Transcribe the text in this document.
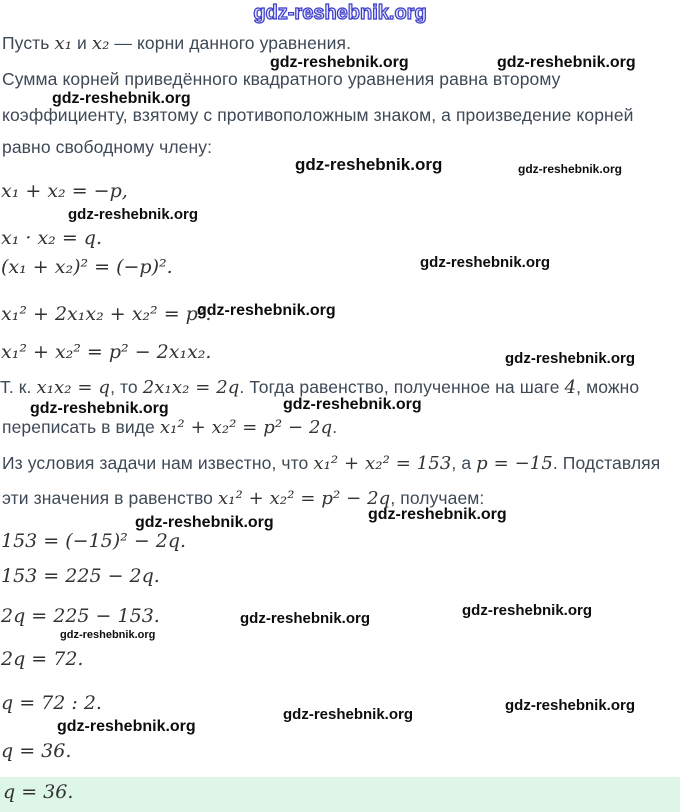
gdz-reshebnik.org
Пусть x₁ и x₂ — корни данного уравнения.
gdz-reshebnik.org	gdz-reshebnik.org
Сумма корней приведённого квадратного уравнения равна второму
gdz-reshebnik.org
коэффициенту, взятому с противоположным знаком, а произведение корней
равно свободному члену:
gdz-reshebnik.org	gdz-reshebnik.org
x₁ + x₂ = −p,
gdz-reshebnik.org
x₁ · x₂ = q.
(x₁ + x₂)² = (−p)².	gdz-reshebnik.org
x₁² + 2x₁x₂ + x₂² = p².
gdz-reshebnik.org
x₁² + x₂² = p² − 2x₁x₂.	gdz-reshebnik.org
Т. к. x₁x₂ = q, то 2x₁x₂ = 2q. Тогда равенство, полученное на шаге 4, можно
gdz-reshebnik.org	gdz-reshebnik.org
переписать в виде x₁² + x₂² = p² − 2q.
Из условия задачи нам известно, что x₁² + x₂² = 153, а p = −15. Подставляя
эти значения в равенство x₁² + x₂² = p² − 2q, получаем:
gdz-reshebnik.org	gdz-reshebnik.org
153 = (−15)² − 2q.
153 = 225 − 2q.
2q = 225 − 153.	gdz-reshebnik.org	gdz-reshebnik.org
gdz-reshebnik.org
2q = 72.
q = 72 : 2.
gdz-reshebnik.org
gdz-reshebnik.org
gdz-reshebnik.org
q = 36.
q = 36.
